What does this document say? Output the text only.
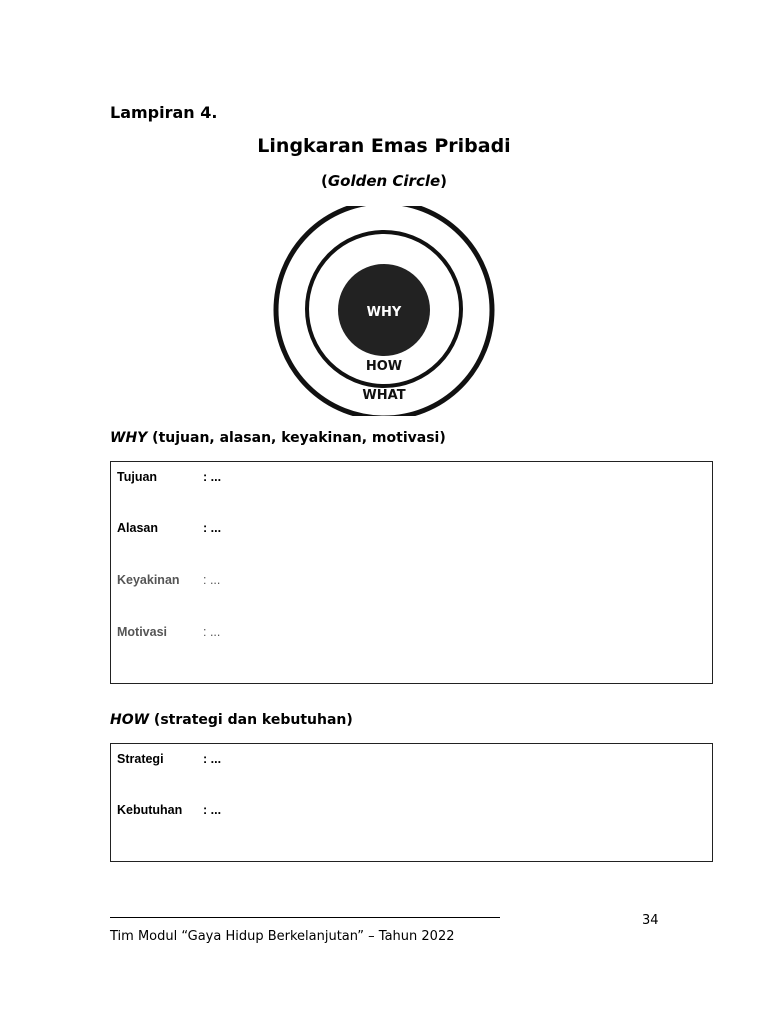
Lampiran 4.
Lingkaran Emas Pribadi
(Golden Circle)
WHY
HOW
WHAT
WHY (tujuan, alasan, keyakinan, motivasi)
Tujuan	: ...
Alasan	: ...
Keyakinan : ...
Motivasi	: ...
HOW (strategi dan kebutuhan)
Strategi	: ...
Kebutuhan : ...
34
Tim Modul “Gaya Hidup Berkelanjutan” – Tahun 2022
